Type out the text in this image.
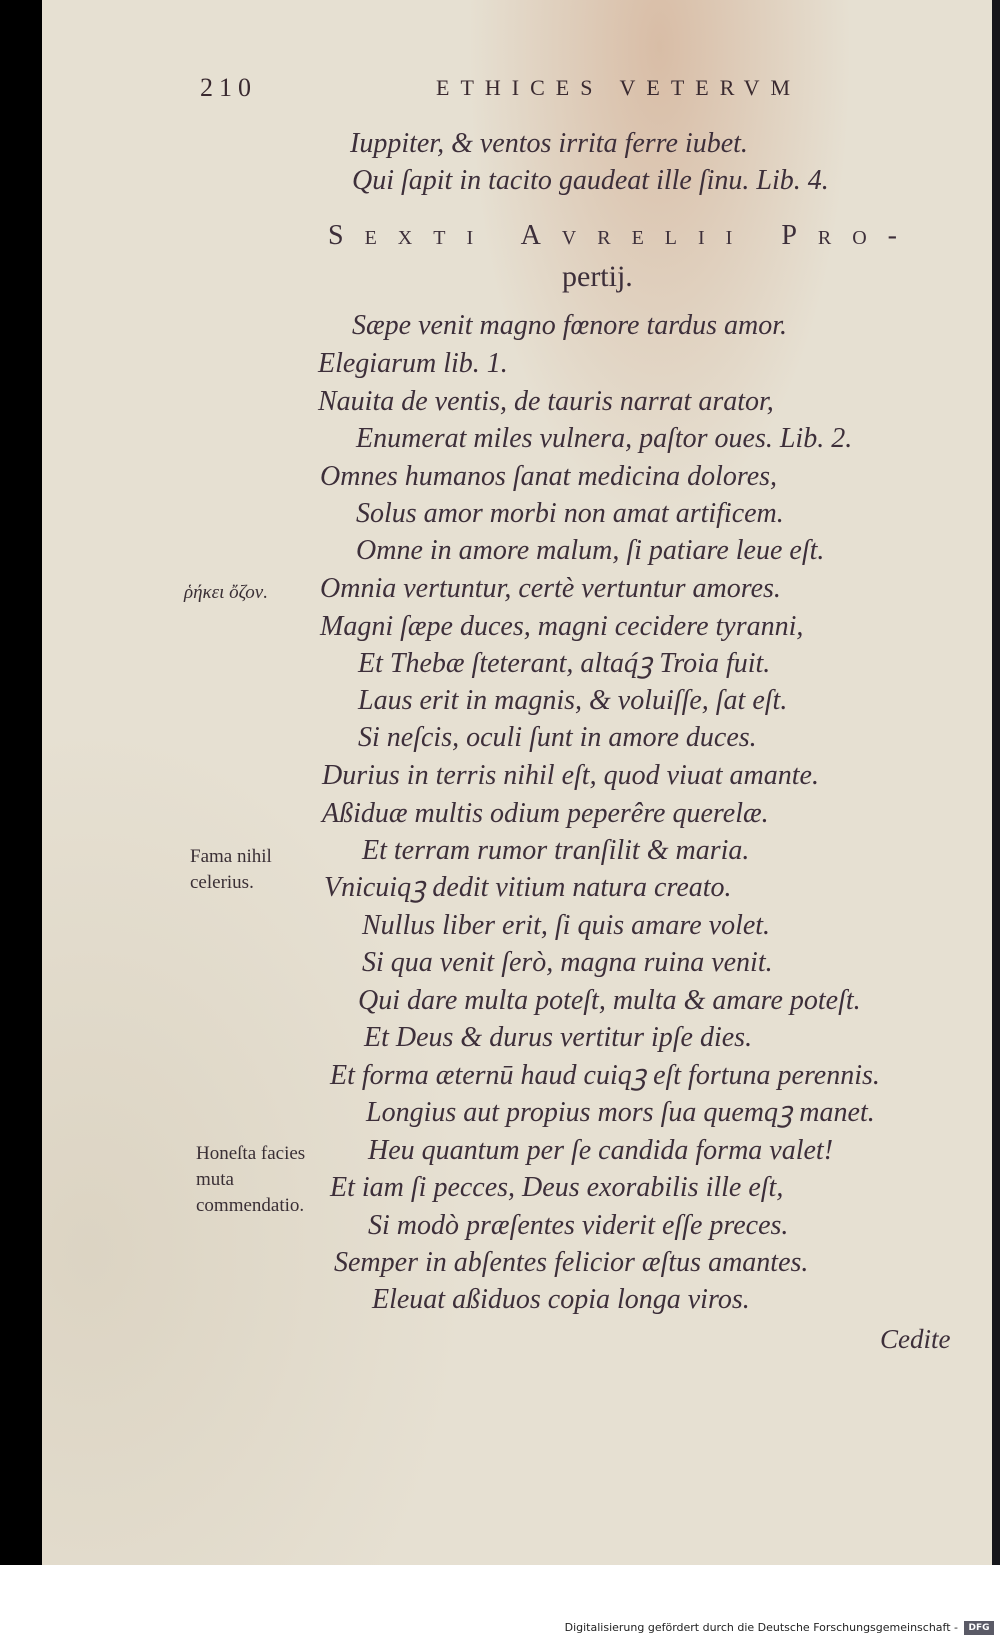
210	ETHICES VETERVM
Iuppiter, & ventos irrita ferre iubet.
Qui ſapit in tacito gaudeat ille ſinu. Lib. 4.
Sexti Avrelii Pro-
pertij.
Sæpe venit magno fœnore tardus amor.
Elegiarum lib. 1.
Nauita de ventis, de tauris narrat arator,
Enumerat miles vulnera, paſtor oues. Lib. 2.
Omnes humanos ſanat medicina dolores,
Solus amor morbi non amat artificem.
Omne in amore malum, ſi patiare leue eſt.
Omnia vertuntur, certè vertuntur amores.
Magni ſæpe duces, magni cecidere tyranni,
Et Thebæ ſteterant, altaq́ꝫ Troia fuit.
Laus erit in magnis, & voluiſſe, ſat eſt.
Si neſcis, oculi ſunt in amore duces.
Durius in terris nihil eſt, quod viuat amante.
Aßiduæ multis odium peperêre querelæ.
Et terram rumor tranſilit & maria.
Vnicuiqꝫ dedit vitium natura creato.
Nullus liber erit, ſi quis amare volet.
Si qua venit ſerò, magna ruina venit.
Qui dare multa poteſt, multa & amare poteſt.
Et Deus & durus vertitur ipſe dies.
Et forma æternū haud cuiqꝫ eſt fortuna perennis.
Longius aut propius mors ſua quemqꝫ manet.
Heu quantum per ſe candida forma valet!
Et iam ſi pecces, Deus exorabilis ille eſt,
Si modò præſentes viderit eſſe preces.
Semper in abſentes felicior æſtus amantes.
Eleuat aßiduos copia longa viros.
ῥήκει ὄζον.
Fama nihil celerius.
Honeſta facies muta commendatio.
Cedite
Digitalisierung gefördert durch die Deutsche Forschungsgemeinschaft -	DFG
